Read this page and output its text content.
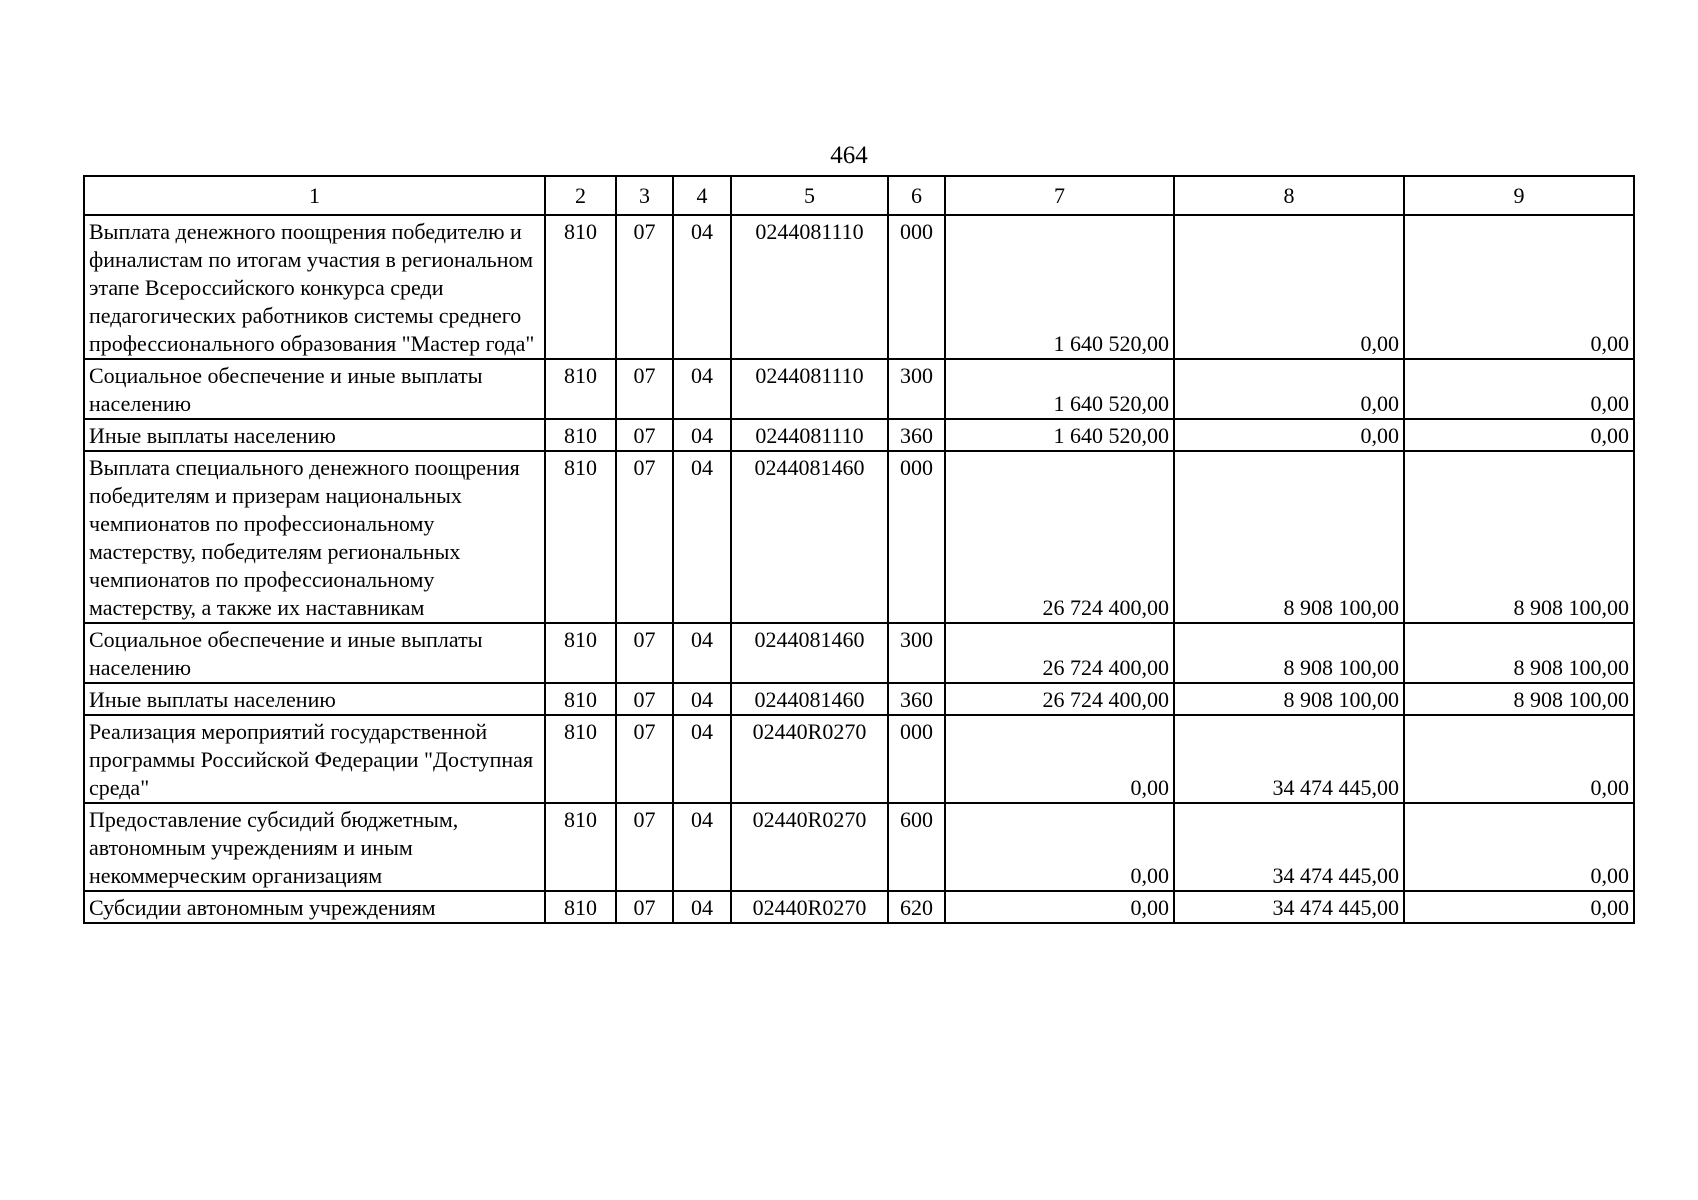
464
1	2	3	4	5	6	7	8	9
Выплата денежного поощрения победителю и финалистам по итогам участия в региональном этапе Всероссийского конкурса среди педагогических работников системы среднего профессионального образования "Мастер года"	810	07	04	0244081110	000	1 640 520,00	0,00	0,00
Социальное обеспечение и иные выплаты населению	810	07	04	0244081110	300	1 640 520,00	0,00	0,00
Иные выплаты населению	810	07	04	0244081110	360	1 640 520,00	0,00	0,00
Выплата специального денежного поощрения победителям и призерам национальных чемпионатов по профессиональному мастерству, победителям региональных чемпионатов по профессиональному мастерству, а также их наставникам	810	07	04	0244081460	000	26 724 400,00	8 908 100,00	8 908 100,00
Социальное обеспечение и иные выплаты населению	810	07	04	0244081460	300	26 724 400,00	8 908 100,00	8 908 100,00
Иные выплаты населению	810	07	04	0244081460	360	26 724 400,00	8 908 100,00	8 908 100,00
Реализация мероприятий государственной программы Российской Федерации "Доступная среда"	810	07	04	02440R0270	000	0,00	34 474 445,00	0,00
Предоставление субсидий бюджетным, автономным учреждениям и иным некоммерческим организациям	810	07	04	02440R0270	600	0,00	34 474 445,00	0,00
Субсидии автономным учреждениям	810	07	04	02440R0270	620	0,00	34 474 445,00	0,00
